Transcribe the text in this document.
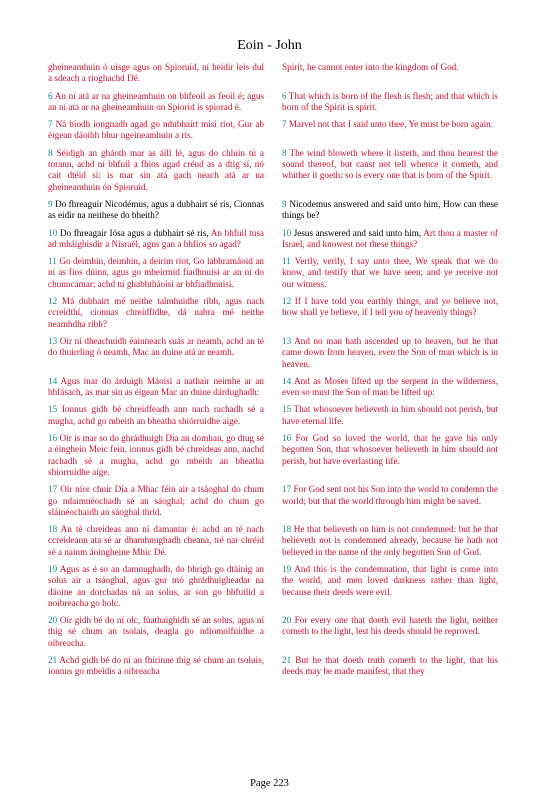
Eoin - John
gheineamhuin ó uisge agus on Spioruid, ní heidir leis dul a sdeach a ríoghachd Dé.
Spirit, he cannot enter into the kingdom of God.
6 An ní atá ar na gheineamhuin on bhfeoil as feoil é; agus an ní ata ar na gheineamhuin on Spiorid is spiorad é.
6 That which is born of the flesh is flesh; and that which is born of the Spirit is spirit.
7 Ná bíodh iongnadh agad go ndubhairt misi riot, Gur ab éigean dáoibh bhur ngeineamhuin a rís.
7 Marvel not that I said unto thee, Ye must be born again.
8 Séidigh an gháoth mar as áill lé, agus do chluin tú a torann, achd ní bhfuil a fhios agad créud as a dtig sí, nó caít dtéid sí: is mar sin atá gach neach atá ar na gheineamhuin ón Spioruid.
8 The wind bloweth where it listeth, and thou hearest the sound thereof, but canst not tell whence it cometh, and whither it goeth: so is every one that is born of the Spirit.
9 Do fhreaguir Nicodémus, agus a dubhairt sé ris, Cionnas as eidir na neithese do bheith?
9 Nicodemus answered and said unto him, How can these things be?
10 Do fhreagair Iósa agus a dubhairt sé ris, An bhfuil tusa ad mháighisdir a Nisraél, agus gan a bhfios so agad?
10 Jesus answered and said unto him, Art thou a master of Israel, and knowest not these things?
11 Go deimhin, deimhin, a deirim riot, Go labhramáoid an ní as fios dúinn, agus go mbeirmíd fiadhnuisi ar an ní do chunncamar; achd ní ghabhtháoisi ar bhfiadhnuisi.
11 Verily, verily, I say unto thee, We speak that we do know, and testify that we have seen; and ye receive not our witness.
12 Má dubhairt mé neithe talmhuidhe ribh, agus nach ccreidthí, cionnas chreidfidhe, dá nabra mé neithe neamhdha ribh?
12 If I have told you earthly things, and ye believe not, how shall ye believe, if I tell you of heavenly things?
13 Oír ní dheachuidh éainneach suás ar neamh, achd an té do thuirrling ó neamh, Mac an duine atá ar neamh.
13 And no man hath ascended up to heaven, but he that came down from heaven, even the Son of man which is in heaven.
14 Agus mar do árduigh Máoisi a nathair neimhe ar an bhfásach, as mar sin as éigean Mac an duine dárdughadh:
14 And as Moses lifted up the serpent in the wilderness, even so must the Son of man be lifted up:
15 Ionnus gidh bé chreidfeadh ann nach rachadh sé a mugha, achd go mbeith an bheatha shiórruidhe aige.
15 That whosoever believeth in him should not perish, but have eternal life.
16 Oír is mar so do ghrádhuigh Día an domhan, go dtug sé a éinghein Meic fein, ionnus gidh bé chreideas ann, nachd rachadh sé a mugha, achd go mbeith an bheatha shiorruidhe aige.
16 For God so loved the world, that he gave his only begotten Son, that whosoever believeth in him should not perish, but have everlasting life.
17 Oír níor chuir Día a Mhac féin air a tsáoghal do chum go ndaimnéochadh sé an sáoghal; achd do chum go sláinéochaidh an sáoghal thríd.
17 For God sent not his Son into the world to condemn the world; but that the world through him might be saved.
18 An té chreideas ann ní damantar é: achd an té nach ccreideann ata sé ar dhamhnughadh cheana, tré nar chréid sé a nainm áoingheine Mhic Dé.
18 He that believeth on him is not condemned: but he that believeth not is condemned already, because he hath not believed in the name of the only begotten Son of God.
19 Agus as é so an damnughadh, do bhrigh go dtáinig an solus air a tsáoghal, agus gur mó ghrádhuigheadar na dáoine an dorchadas ná an solus, ar son go bhfuilid a noibreacha go holc.
19 And this is the condemnation, that light is come into the world, and men loved darkness rather than light, because their deeds were evil.
20 Oír gidh bé do ní olc, fúathaighidh sé an solus, agus ní thig sé chum an tsolais, deagla go ndiomolfuidhe a oibreacha.
20 For every one that doeth evil hateth the light, neither cometh to the light, lest his deeds should be reproved.
21 Achd gidh bé do ní an fhírinne thig sé chum an tsoluis, ionnus go mbeidís a oibreacha
21 But he that doeth truth cometh to the light, that his deeds may be made manifest, that they
Page 223
